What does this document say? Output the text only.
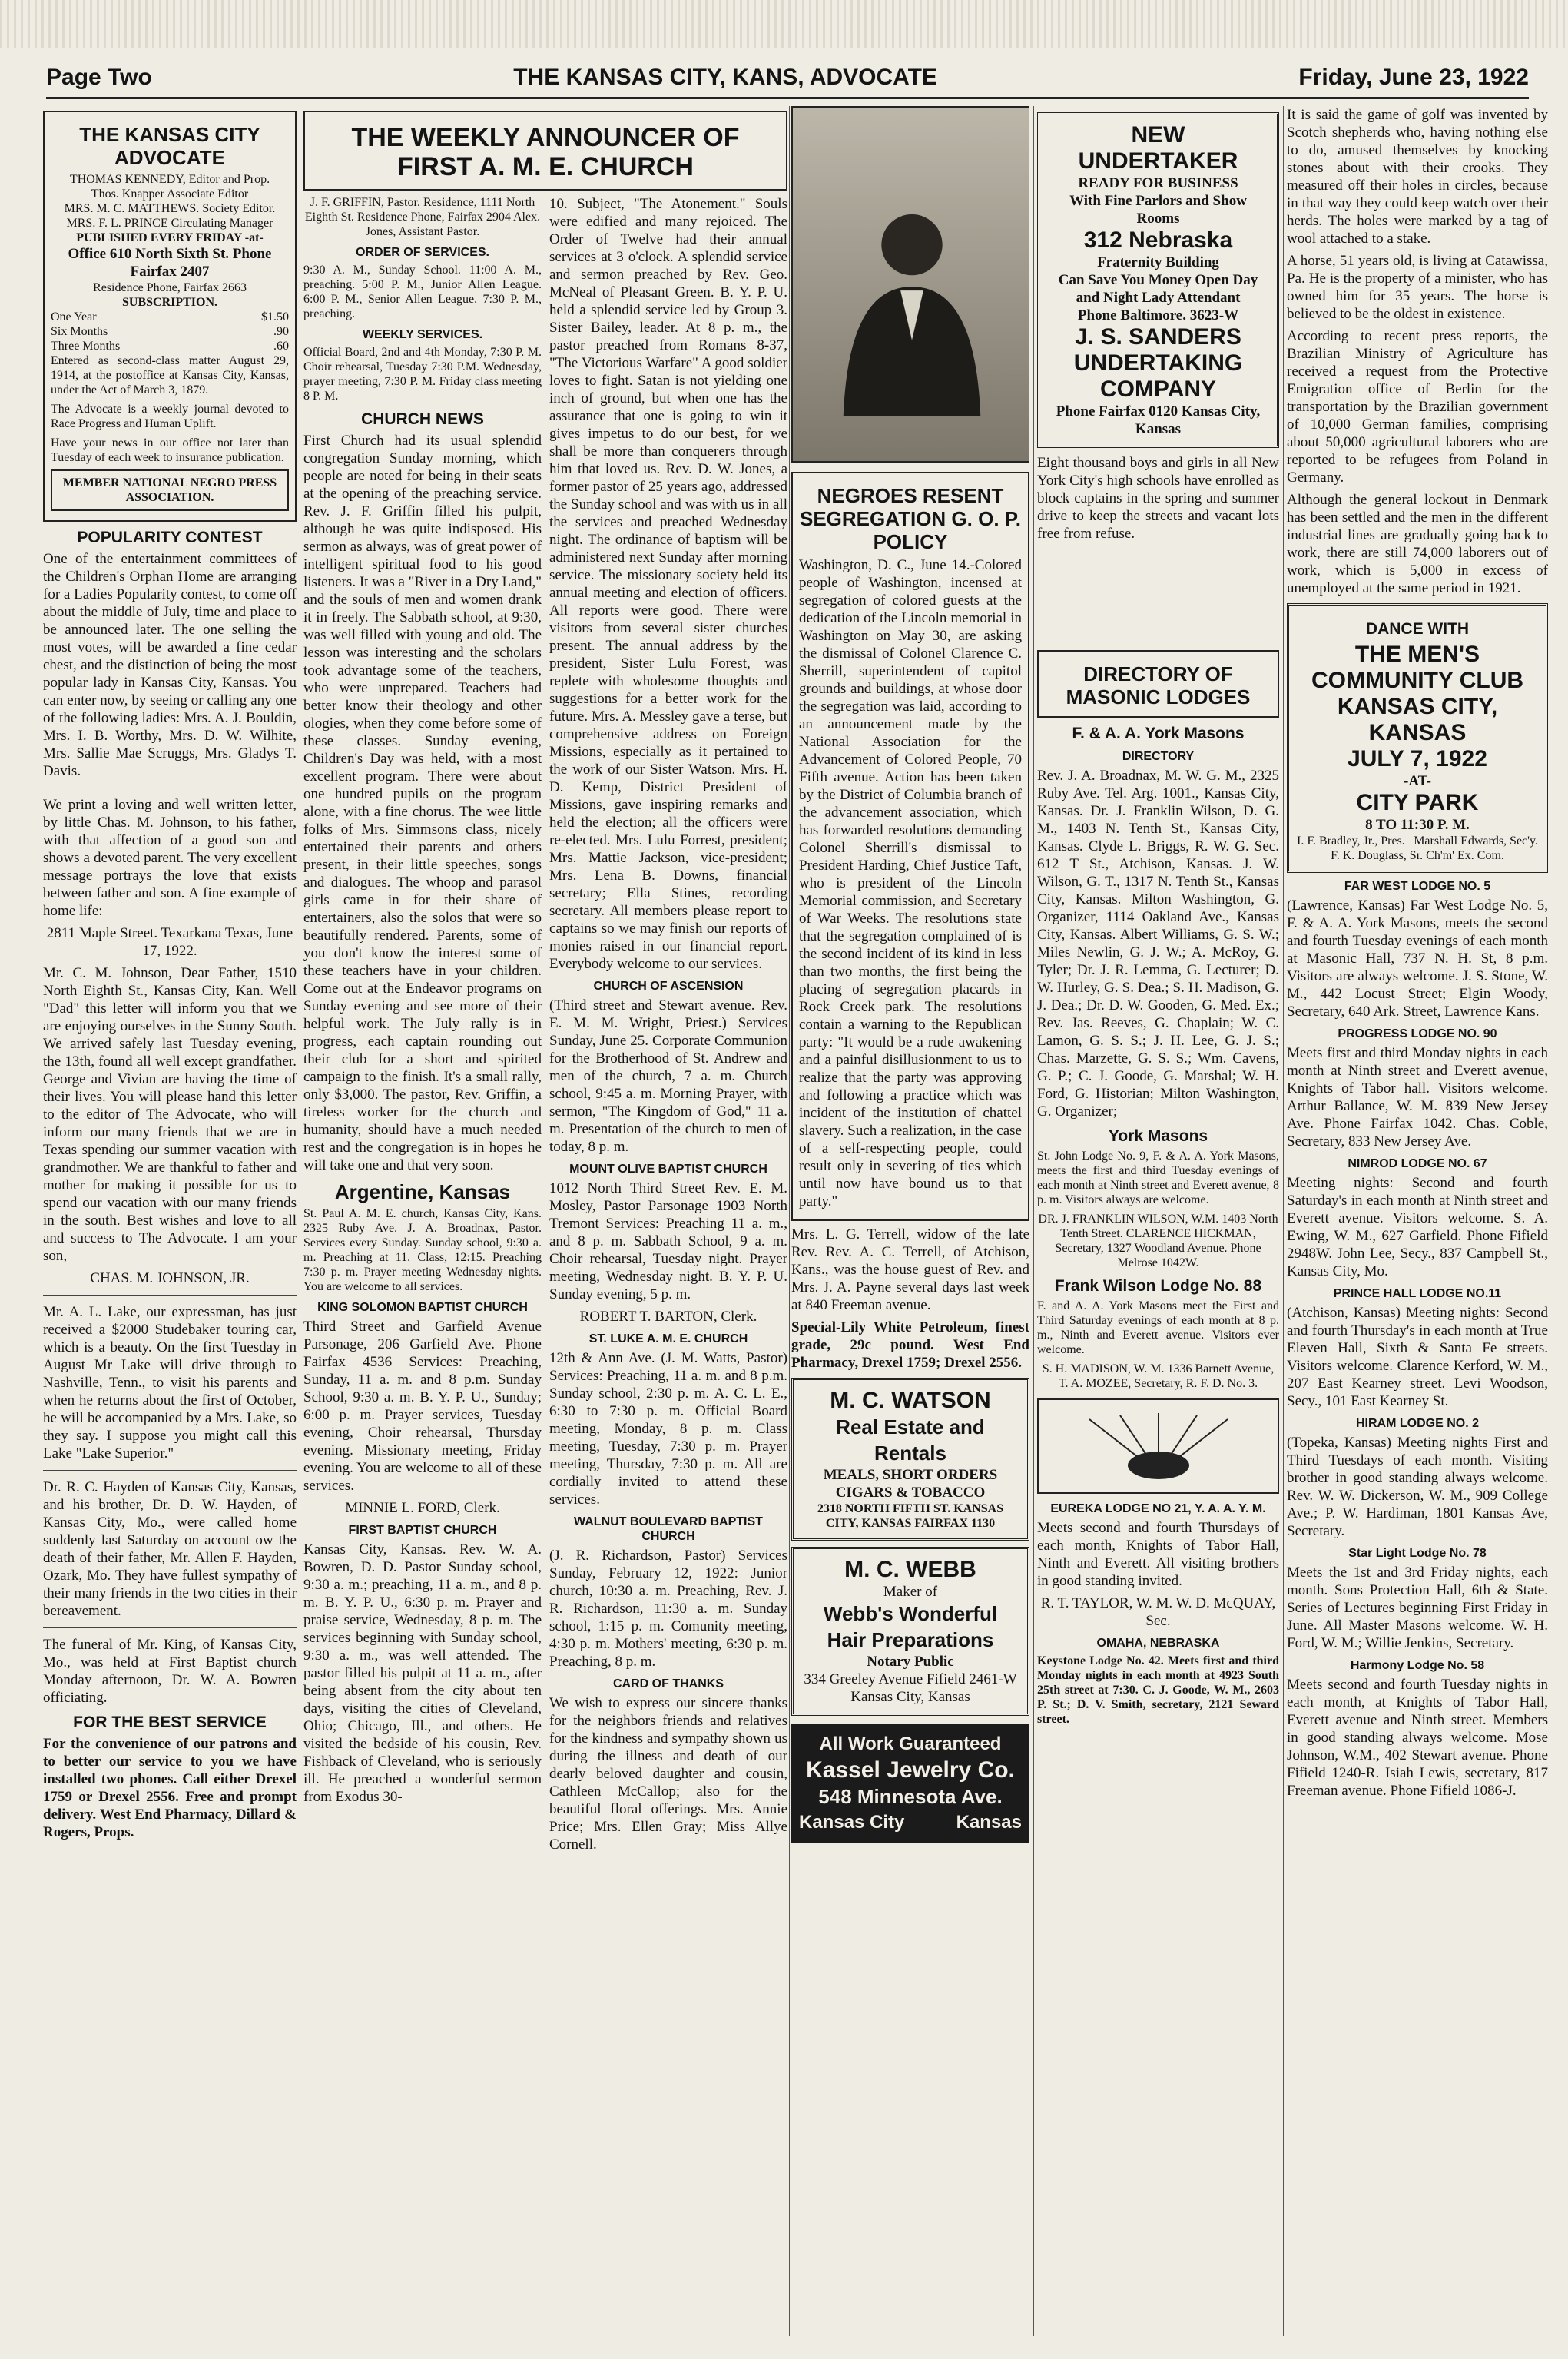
Page Two	THE KANSAS CITY, KANS, ADVOCATE	Friday, June 23, 1922
THE KANSAS CITY ADVOCATE
THOMAS KENNEDY, Editor and Prop.
Thos. Knapper Associate Editor
MRS. M. C. MATTHEWS. Society Editor.
MRS. F. L. PRINCE Circulating Manager
PUBLISHED EVERY FRIDAY -at-
Office 610 North Sixth St. Phone Fairfax 2407
Residence Phone, Fairfax 2663
SUBSCRIPTION.
One Year	$1.50
Six Months	.90
Three Months	.60

Entered as second-class matter August 29, 1914, at the postoffice at Kansas City, Kansas, under the Act of March 3, 1879.

The Advocate is a weekly journal devoted to Race Progress and Human Uplift.

Have your news in our office not later than Tuesday of each week to insurance publication.

MEMBER NATIONAL NEGRO PRESS ASSOCIATION.
POPULARITY CONTEST

One of the entertainment committees of the Children's Orphan Home are arranging for a Ladies Popularity contest, to come off about the middle of July, time and place to be announced later. The one selling the most votes, will be awarded a fine cedar chest, and the distinction of being the most popular lady in Kansas City, Kansas. You can enter now, by seeing or calling any one of the following ladies: Mrs. A. J. Bouldin, Mrs. I. B. Worthy, Mrs. D. W. Wilhite, Mrs. Sallie Mae Scruggs, Mrs. Gladys T. Davis.

We print a loving and well written letter, by little Chas. M. Johnson, to his father, with that affection of a good son and shows a devoted parent. The very excellent message portrays the love that exists between father and son. A fine example of home life:

2811 Maple Street. Texarkana Texas, June 17, 1922.

Mr. C. M. Johnson, Dear Father, 1510 North Eighth St., Kansas City, Kan. Well "Dad" this letter will inform you that we are enjoying ourselves in the Sunny South. We arrived safely last Tuesday evening, the 13th, found all well except grandfather. George and Vivian are having the time of their lives. You will please hand this letter to the editor of The Advocate, who will inform our many friends that we are in Texas spending our summer vacation with grandmother. We are thankful to father and mother for making it possible for us to spend our vacation with our many friends in the south. Best wishes and love to all and success to The Advocate. I am your son,

CHAS. M. JOHNSON, JR.

Mr. A. L. Lake, our expressman, has just received a $2000 Studebaker touring car, which is a beauty. On the first Tuesday in August Mr Lake will drive through to Nashville, Tenn., to visit his parents and when he returns about the first of October, he will be accompanied by a Mrs. Lake, so they say. I suppose you might call this Lake "Lake Superior."

Dr. R. C. Hayden of Kansas City, Kansas, and his brother, Dr. D. W. Hayden, of Kansas City, Mo., were called home suddenly last Saturday on account ow the death of their father, Mr. Allen F. Hayden, Ozark, Mo. They have fullest sympathy of their many friends in the two cities in their bereavement.

The funeral of Mr. King, of Kansas City, Mo., was held at First Baptist church Monday afternoon, Dr. W. A. Bowren officiating.

FOR THE BEST SERVICE

For the convenience of our patrons and to better our service to you we have installed two phones. Call either Drexel 1759 or Drexel 2556. Free and prompt delivery. West End Pharmacy, Dillard & Rogers, Props.

THE WEEKLY ANNOUNCER OF FIRST A. M. E. CHURCH

J. F. GRIFFIN, Pastor. Residence, 1111 North Eighth St. Residence Phone, Fairfax 2904 Alex. Jones, Assistant Pastor.

ORDER OF SERVICES.

9:30 A. M., Sunday School. 11:00 A. M., preaching. 5:00 P. M., Junior Allen League. 6:00 P. M., Senior Allen League. 7:30 P. M., preaching.

WEEKLY SERVICES.

Official Board, 2nd and 4th Monday, 7:30 P. M. Choir rehearsal, Tuesday 7:30 P.M. Wednesday, prayer meeting, 7:30 P. M. Friday class meeting 8 P. M.

CHURCH NEWS

First Church had its usual splendid congregation Sunday morning, which people are noted for being in their seats at the opening of the preaching service. Rev. J. F. Griffin filled his pulpit, although he was quite indisposed. His sermon as always, was of great power of intelligent spiritual food to his good listeners. It was a "River in a Dry Land," and the souls of men and women drank it in freely. The Sabbath school, at 9:30, was well filled with young and old. The lesson was interesting and the scholars took advantage some of the teachers, who were unprepared. Teachers had better know their theology and other ologies, when they come before some of these classes. Sunday evening, Children's Day was held, with a most excellent program. There were about one hundred pupils on the program alone, with a fine chorus. The wee little folks of Mrs. Simmsons class, nicely entertained their parents and others present, in their little speeches, songs and dialogues. The whoop and parasol girls came in for their share of entertainers, also the solos that were so beautifully rendered. Parents, some of you don't know the interest some of these teachers have in your children. Come out at the Endeavor programs on Sunday evening and see more of their helpful work. The July rally is in progress, each captain rounding out their club for a short and spirited campaign to the finish. It's a small rally, only $3,000. The pastor, Rev. Griffin, a tireless worker for the church and humanity, should have a much needed rest and the congregation is in hopes he will take one and that very soon.

Argentine, Kansas

St. Paul A. M. E. church, Kansas City, Kans. 2325 Ruby Ave. J. A. Broadnax, Pastor. Services every Sunday. Sunday school, 9:30 a. m. Preaching at 11. Class, 12:15. Preaching 7:30 p. m. Prayer meeting Wednesday nights. You are welcome to all services.

KING SOLOMON BAPTIST CHURCH

Third Street and Garfield Avenue Parsonage, 206 Garfield Ave. Phone Fairfax 4536 Services: Preaching, Sunday, 11 a. m. and 8 p.m. Sunday School, 9:30 a. m. B. Y. P. U., Sunday; 6:00 p. m. Prayer services, Tuesday evening, Choir rehearsal, Thursday evening. Missionary meeting, Friday evening. You are welcome to all of these services.

MINNIE L. FORD, Clerk.

FIRST BAPTIST CHURCH

Kansas City, Kansas. Rev. W. A. Bowren, D. D. Pastor Sunday school, 9:30 a. m.; preaching, 11 a. m., and 8 p. m. B. Y. P. U., 6:30 p. m. Prayer and praise service, Wednesday, 8 p. m. The services beginning with Sunday school, 9:30 a. m., was well attended. The pastor filled his pulpit at 11 a. m., after being absent from the city about ten days, visiting the cities of Cleveland, Ohio; Chicago, Ill., and others. He visited the bedside of his cousin, Rev. Fishback of Cleveland, who is seriously ill. He preached a wonderful sermon from Exodus 30-

10. Subject, "The Atonement." Souls were edified and many rejoiced. The Order of Twelve had their annual services at 3 o'clock. A splendid service and sermon preached by Rev. Geo. McNeal of Pleasant Green. B. Y. P. U. held a splendid service led by Group 3. Sister Bailey, leader. At 8 p. m., the pastor preached from Romans 8-37, "The Victorious Warfare" A good soldier loves to fight. Satan is not yielding one inch of ground, but when one has the assurance that one is going to win it gives impetus to do our best, for we shall be more than conquerers through him that loved us. Rev. D. W. Jones, a former pastor of 25 years ago, addressed the Sunday school and was with us in all the services and preached Wednesday night. The ordinance of baptism will be administered next Sunday after morning service. The missionary society held its annual meeting and election of officers. All reports were good. There were visitors from several sister churches present. The annual address by the president, Sister Lulu Forest, was replete with wholesome thoughts and suggestions for a better work for the future. Mrs. A. Messley gave a terse, but comprehensive address on Foreign Missions, especially as it pertained to the work of our Sister Watson. Mrs. H. D. Kemp, District President of Missions, gave inspiring remarks and held the election; all the officers were re-elected. Mrs. Lulu Forrest, president; Mrs. Mattie Jackson, vice-president; Mrs. Lena B. Downs, financial secretary; Ella Stines, recording secretary. All members please report to captains so we may finish our reports of monies raised in our financial report. Everybody welcome to our services.

CHURCH OF ASCENSION

(Third street and Stewart avenue. Rev. E. M. M. Wright, Priest.) Services Sunday, June 25. Corporate Communion for the Brotherhood of St. Andrew and men of the church, 7 a. m. Church school, 9:45 a. m. Morning Prayer, with sermon, "The Kingdom of God," 11 a. m. Presentation of the church to men of today, 8 p. m.

MOUNT OLIVE BAPTIST CHURCH

1012 North Third Street Rev. E. M. Mosley, Pastor Parsonage 1903 North Tremont Services: Preaching 11 a. m., and 8 p. m. Sabbath School, 9 a. m. Choir rehearsal, Tuesday night. Prayer meeting, Wednesday night. B. Y. P. U. Sunday evening, 5 p. m.

ROBERT T. BARTON, Clerk.

ST. LUKE A. M. E. CHURCH

12th & Ann Ave. (J. M. Watts, Pastor) Services: Preaching, 11 a. m. and 8 p.m. Sunday school, 2:30 p. m. A. C. L. E., 6:30 to 7:30 p. m. Official Board meeting, Monday, 8 p. m. Class meeting, Tuesday, 7:30 p. m. Prayer meeting, Thursday, 7:30 p. m. All are cordially invited to attend these services.

WALNUT BOULEVARD BAPTIST CHURCH

(J. R. Richardson, Pastor) Services Sunday, February 12, 1922: Junior church, 10:30 a. m. Preaching, Rev. J. R. Richardson, 11:30 a. m. Sunday school, 1:15 p. m. Comunity meeting, 4:30 p. m. Mothers' meeting, 6:30 p. m. Preaching, 8 p. m.

CARD OF THANKS

We wish to express our sincere thanks for the neighbors friends and relatives for the kindness and sympathy shown us during the illness and death of our dearly beloved daughter and cousin, Cathleen McCallop; also for the beautiful floral offerings. Mrs. Annie Price; Mrs. Ellen Gray; Miss Allye Cornell.

NEGROES RESENT SEGREGATION G. O. P. POLICY

Washington, D. C., June 14.-Colored people of Washington, incensed at segregation of colored guests at the dedication of the Lincoln memorial in Washington on May 30, are asking the dismissal of Colonel Clarence C. Sherrill, superintendent of capitol grounds and buildings, at whose door the segregation was laid, according to an announcement made by the National Association for the Advancement of Colored People, 70 Fifth avenue. Action has been taken by the District of Columbia branch of the advancement association, which has forwarded resolutions demanding Colonel Sherrill's dismissal to President Harding, Chief Justice Taft, who is president of the Lincoln Memorial commission, and Secretary of War Weeks. The resolutions state that the segregation complained of is the second incident of its kind in less than two months, the first being the placing of segregation placards in Rock Creek park. The resolutions contain a warning to the Republican party: "It would be a rude awakening and a painful disillusionment to us to realize that the party was approving and following a practice which was incident of the institution of chattel slavery. Such a realization, in the case of a self-respecting people, could result only in severing of ties which until now have bound us to that party."

Mrs. L. G. Terrell, widow of the late Rev. Rev. A. C. Terrell, of Atchison, Kans., was the house guest of Rev. and Mrs. J. A. Payne several days last week at 840 Freeman avenue.

Special-Lily White Petroleum, finest grade, 29c pound. West End Pharmacy, Drexel 1759; Drexel 2556.

M. C. WATSON
Real Estate and Rentals
MEALS, SHORT ORDERS CIGARS & TOBACCO
2318 NORTH FIFTH ST. KANSAS CITY, KANSAS FAIRFAX 1130
M. C. WEBB
Maker of
Webb's Wonderful Hair Preparations
Notary Public
334 Greeley Avenue Fifield 2461-W Kansas City, Kansas
All Work Guaranteed
Kassel Jewelry Co.
548 Minnesota Ave.
Kansas City	Kansas
NEW
UNDERTAKER
READY FOR BUSINESS
With Fine Parlors and Show Rooms
312 Nebraska
Fraternity Building
Can Save You Money Open Day and Night Lady Attendant
Phone Baltimore. 3623-W
J. S. SANDERS UNDERTAKING COMPANY
Phone Fairfax 0120 Kansas City, Kansas

Eight thousand boys and girls in all New York City's high schools have enrolled as block captains in the spring and summer drive to keep the streets and vacant lots free from refuse.

DIRECTORY OF MASONIC LODGES
F. & A. A. York Masons
DIRECTORY

Rev. J. A. Broadnax, M. W. G. M., 2325 Ruby Ave. Tel. Arg. 1001., Kansas City, Kansas. Dr. J. Franklin Wilson, D. G. M., 1403 N. Tenth St., Kansas City, Kansas. Clyde L. Briggs, R. W. G. Sec. 612 T St., Atchison, Kansas. J. W. Wilson, G. T., 1317 N. Tenth St., Kansas City, Kansas. Milton Washington, G. Organizer, 1114 Oakland Ave., Kansas City, Kansas. Albert Williams, G. S. W.; Miles Newlin, G. J. W.; A. McRoy, G. Tyler; Dr. J. R. Lemma, G. Lecturer; D. W. Hurley, G. S. Dea.; S. H. Madison, G. J. Dea.; Dr. D. W. Gooden, G. Med. Ex.; Rev. Jas. Reeves, G. Chaplain; W. C. Lamon, G. S. S.; J. H. Lee, G. J. S.; Chas. Marzette, G. S. S.; Wm. Cavens, G. P.; C. J. Goode, G. Marshal; W. H. Ford, G. Historian; Milton Washington, G. Organizer;

York Masons

St. John Lodge No. 9, F. & A. A. York Masons, meets the first and third Tuesday evenings of each month at Ninth street and Everett avenue, 8 p. m. Visitors always are welcome.

DR. J. FRANKLIN WILSON, W.M. 1403 North Tenth Street. CLARENCE HICKMAN, Secretary, 1327 Woodland Avenue. Phone Melrose 1042W.

Frank Wilson Lodge No. 88

F. and A. A. York Masons meet the First and Third Saturday evenings of each month at 8 p. m., Ninth and Everett avenue. Visitors ever welcome.

S. H. MADISON, W. M. 1336 Barnett Avenue, T. A. MOZEE, Secretary, R. F. D. No. 3.

EUREKA LODGE NO 21, Y. A. A. Y. M.

Meets second and fourth Thursdays of each month, Knights of Tabor Hall, Ninth and Everett. All visiting brothers in good standing invited.

R. T. TAYLOR, W. M. W. D. McQUAY, Sec.

OMAHA, NEBRASKA

Keystone Lodge No. 42. Meets first and third Monday nights in each month at 4923 South 25th street at 7:30. C. J. Goode, W. M., 2603 P. St.; D. V. Smith, secretary, 2121 Seward street.

It is said the game of golf was invented by Scotch shepherds who, having nothing else to do, amused themselves by knocking stones about with their crooks. They measured off their holes in circles, because in that way they could keep watch over their herds. The holes were marked by a tag of wool attached to a stake.

A horse, 51 years old, is living at Catawissa, Pa. He is the property of a minister, who has owned him for 35 years. The horse is believed to be the oldest in existence.

According to recent press reports, the Brazilian Ministry of Agriculture has received a request from the Protective Emigration office of Berlin for the transportation by the Brazilian government of 10,000 German families, comprising about 50,000 agricultural laborers who are reported to be refugees from Poland in Germany.

Although the general lockout in Denmark has been settled and the men in the different industrial lines are gradually going back to work, there are still 74,000 laborers out of work, which is 5,000 in excess of unemployed at the same period in 1921.

DANCE WITH
THE MEN'S COMMUNITY CLUB KANSAS CITY, KANSAS
JULY 7, 1922
-AT-
CITY PARK
8 TO 11:30 P. M.
I. F. Bradley, Jr., Pres. Marshall Edwards, Sec'y.
F. K. Douglass, Sr. Ch'm' Ex. Com.
FAR WEST LODGE NO. 5

(Lawrence, Kansas) Far West Lodge No. 5, F. & A. A. York Masons, meets the second and fourth Tuesday evenings of each month at Masonic Hall, 737 N. H. St, 8 p.m. Visitors are always welcome. J. S. Stone, W. M., 442 Locust Street; Elgin Woody, Secretary, 640 Ark. Street, Lawrence Kans.

PROGRESS LODGE NO. 90

Meets first and third Monday nights in each month at Ninth street and Everett avenue, Knights of Tabor hall. Visitors welcome. Arthur Ballance, W. M. 839 New Jersey Ave. Phone Fairfax 1042. Chas. Coble, Secretary, 833 New Jersey Ave.

NIMROD LODGE NO. 67

Meeting nights: Second and fourth Saturday's in each month at Ninth street and Everett avenue. Visitors welcome. S. A. Ewing, W. M., 627 Garfield. Phone Fifield 2948W. John Lee, Secy., 837 Campbell St., Kansas City, Mo.

PRINCE HALL LODGE NO.11

(Atchison, Kansas) Meeting nights: Second and fourth Thursday's in each month at True Eleven Hall, Sixth & Santa Fe streets. Visitors welcome. Clarence Kerford, W. M., 207 East Kearney street. Levi Woodson, Secy., 101 East Kearney St.

HIRAM LODGE NO. 2

(Topeka, Kansas) Meeting nights First and Third Tuesdays of each month. Visiting brother in good standing always welcome. Rev. W. W. Dickerson, W. M., 909 College Ave.; P. W. Hardiman, 1801 Kansas Ave, Secretary.

Star Light Lodge No. 78

Meets the 1st and 3rd Friday nights, each month. Sons Protection Hall, 6th & State. Series of Lectures beginning First Friday in June. All Master Masons welcome. W. H. Ford, W. M.; Willie Jenkins, Secretary.

Harmony Lodge No. 58

Meets second and fourth Tuesday nights in each month, at Knights of Tabor Hall, Everett avenue and Ninth street. Members in good standing always welcome. Mose Johnson, W.M., 402 Stewart avenue. Phone Fifield 1240-R. Isiah Lewis, secretary, 817 Freeman avenue. Phone Fifield 1086-J.
